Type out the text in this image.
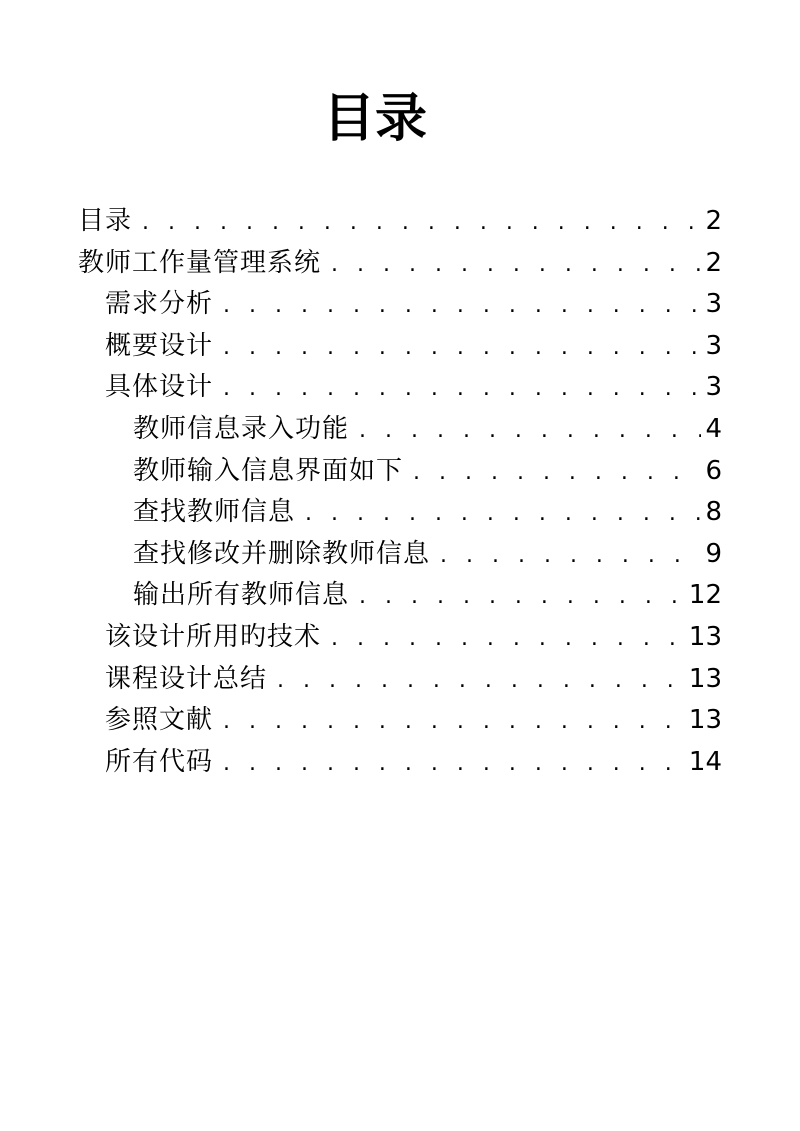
目录
目录 . . .	2
教师工作量管理系统 . . .	2
需求分析 . . .	3
概要设计 . . .	3
具体设计 . . .	3
教师信息录入功能 . . .	4
教师输入信息界面如下 . . .	6
查找教师信息 . . .	8
查找修改并删除教师信息 . . .	9
输出所有教师信息 . . .	12
该设计所用旳技术 . . .	13
课程设计总结 . . .	13
参照文献 . . .	13
所有代码 . . .	14
